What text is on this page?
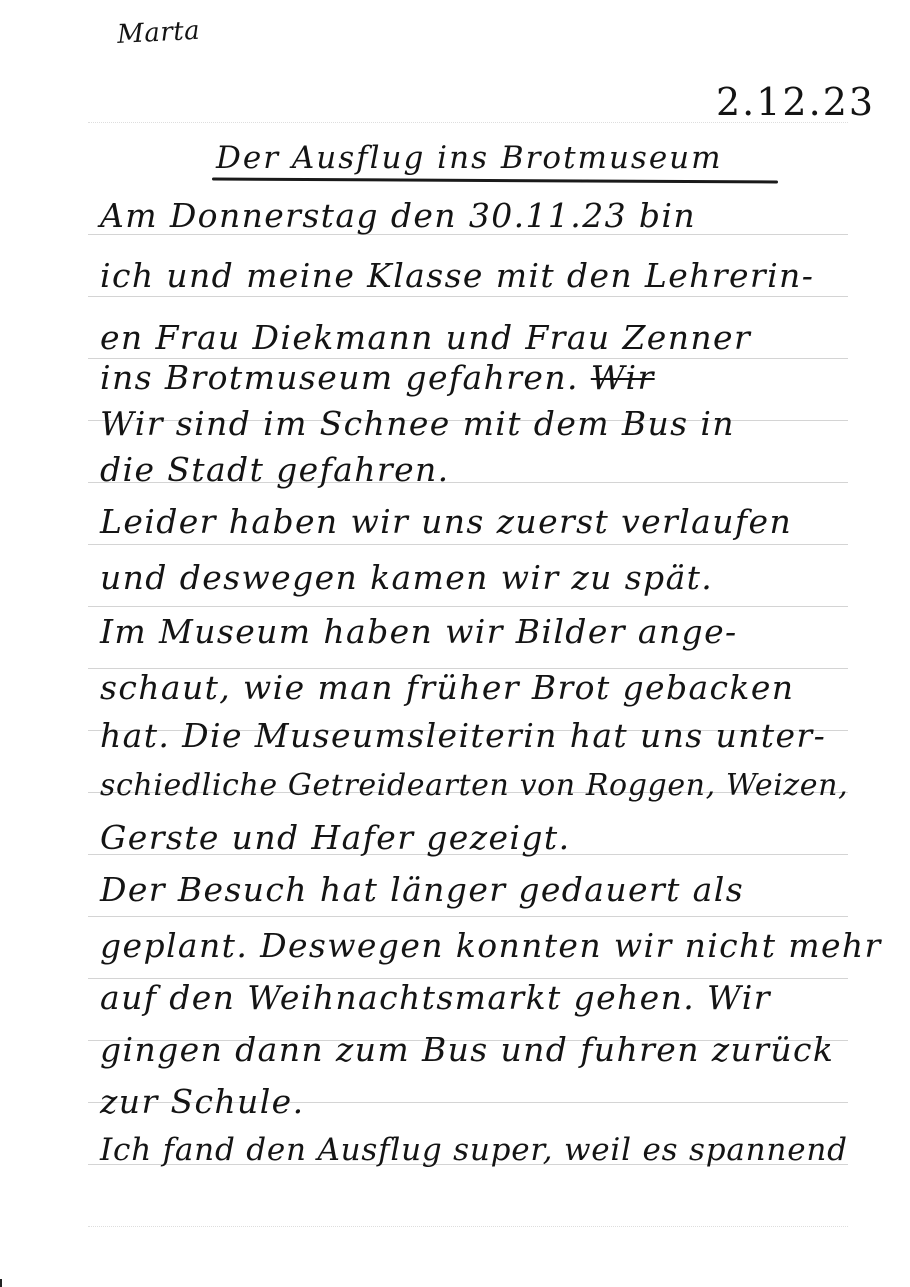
Marta
2.12.23
Der Ausflug ins Brotmuseum
Am Donnerstag den 30.11.23 bin
ich und meine Klasse mit den Lehrerin-
en Frau Diekmann und Frau Zenner
ins Brotmuseum gefahren. Wir
Wir sind im Schnee mit dem Bus in
die Stadt gefahren.
Leider haben wir uns zuerst verlaufen
und deswegen kamen wir zu spät.
Im Museum haben wir Bilder ange-
schaut, wie man früher Brot gebacken
hat. Die Museumsleiterin hat uns unter-
schiedliche Getreidearten von Roggen, Weizen,
Gerste und Hafer gezeigt.
Der Besuch hat länger gedauert als
geplant. Deswegen konnten wir nicht mehr
auf den Weihnachtsmarkt gehen. Wir
gingen dann zum Bus und fuhren zurück
zur Schule.
Ich fand den Ausflug super, weil es spannend
